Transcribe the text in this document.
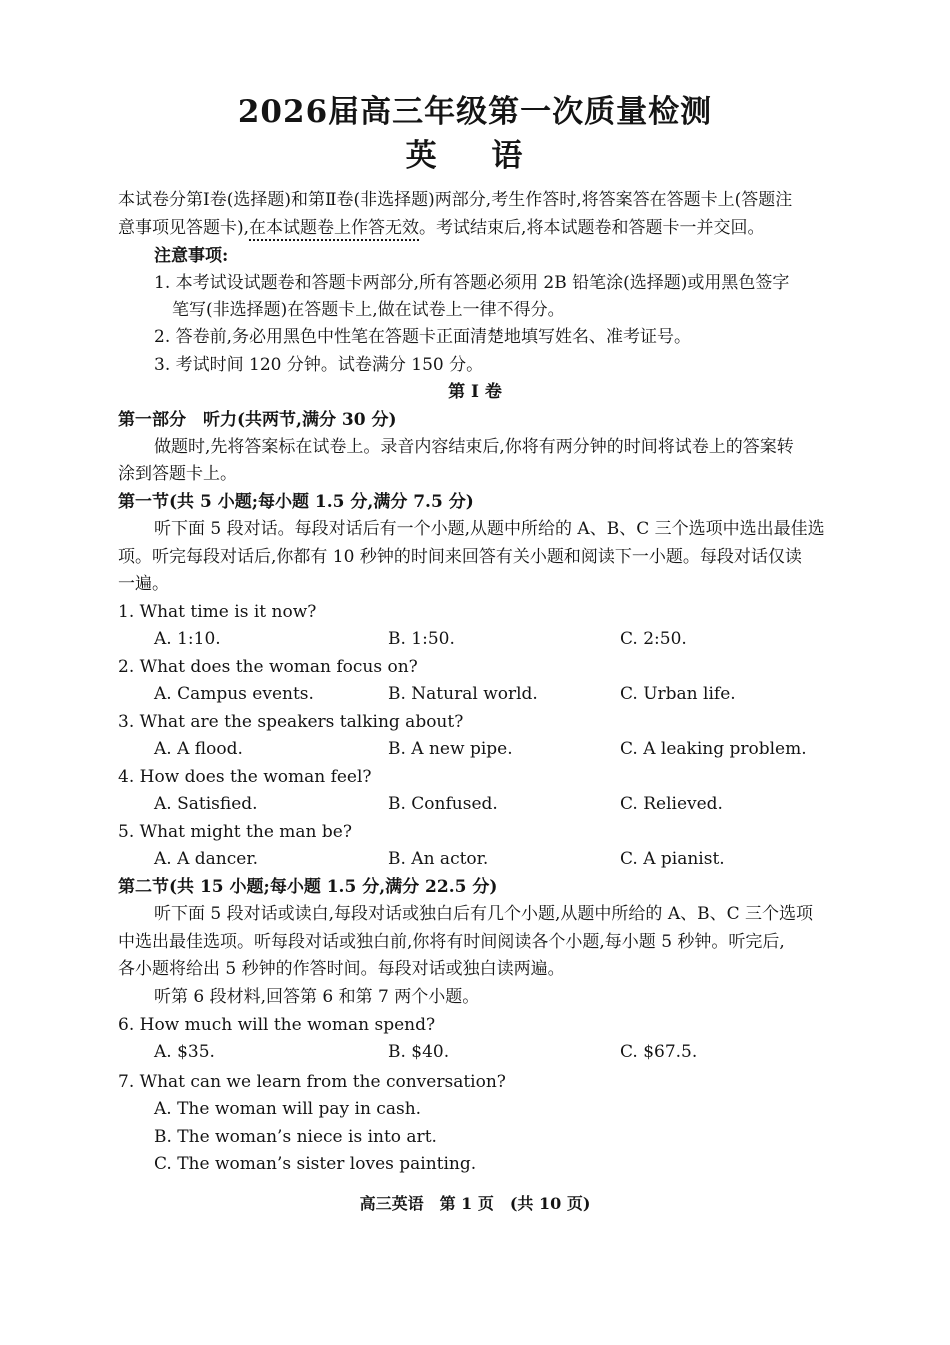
2026届高三年级第一次质量检测
英 语
本试卷分第Ⅰ卷(选择题)和第Ⅱ卷(非选择题)两部分,考生作答时,将答案答在答题卡上(答题注
意事项见答题卡),在本试题卷上作答无效。考试结束后,将本试题卷和答题卡一并交回。
注意事项:
1. 本考试设试题卷和答题卡两部分,所有答题必须用 2B 铅笔涂(选择题)或用黑色签字
笔写(非选择题)在答题卡上,做在试卷上一律不得分。
2. 答卷前,务必用黑色中性笔在答题卡正面清楚地填写姓名、准考证号。
3. 考试时间 120 分钟。试卷满分 150 分。
第 Ⅰ 卷
第一部分　听力(共两节,满分 30 分)
做题时,先将答案标在试卷上。录音内容结束后,你将有两分钟的时间将试卷上的答案转
涂到答题卡上。
第一节(共 5 小题;每小题 1.5 分,满分 7.5 分)
听下面 5 段对话。每段对话后有一个小题,从题中所给的 A、B、C 三个选项中选出最佳选
项。听完每段对话后,你都有 10 秒钟的时间来回答有关小题和阅读下一小题。每段对话仅读
一遍。
1. What time is it now?
A. 1:10.	B. 1:50.	C. 2:50.
2. What does the woman focus on?
A. Campus events.	B. Natural world.	C. Urban life.
3. What are the speakers talking about?
A. A flood.	B. A new pipe.	C. A leaking problem.
4. How does the woman feel?
A. Satisfied.	B. Confused.	C. Relieved.
5. What might the man be?
A. A dancer.	B. An actor.	C. A pianist.
第二节(共 15 小题;每小题 1.5 分,满分 22.5 分)
听下面 5 段对话或读白,每段对话或独白后有几个小题,从题中所给的 A、B、C 三个选项
中选出最佳选项。听每段对话或独白前,你将有时间阅读各个小题,每小题 5 秒钟。听完后,
各小题将给出 5 秒钟的作答时间。每段对话或独白读两遍。
听第 6 段材料,回答第 6 和第 7 两个小题。
6. How much will the woman spend?
A. $35.	B. $40.	C. $67.5.
7. What can we learn from the conversation?
A. The woman will pay in cash.
B. The woman’s niece is into art.
C. The woman’s sister loves painting.
高三英语　第 1 页　(共 10 页)
